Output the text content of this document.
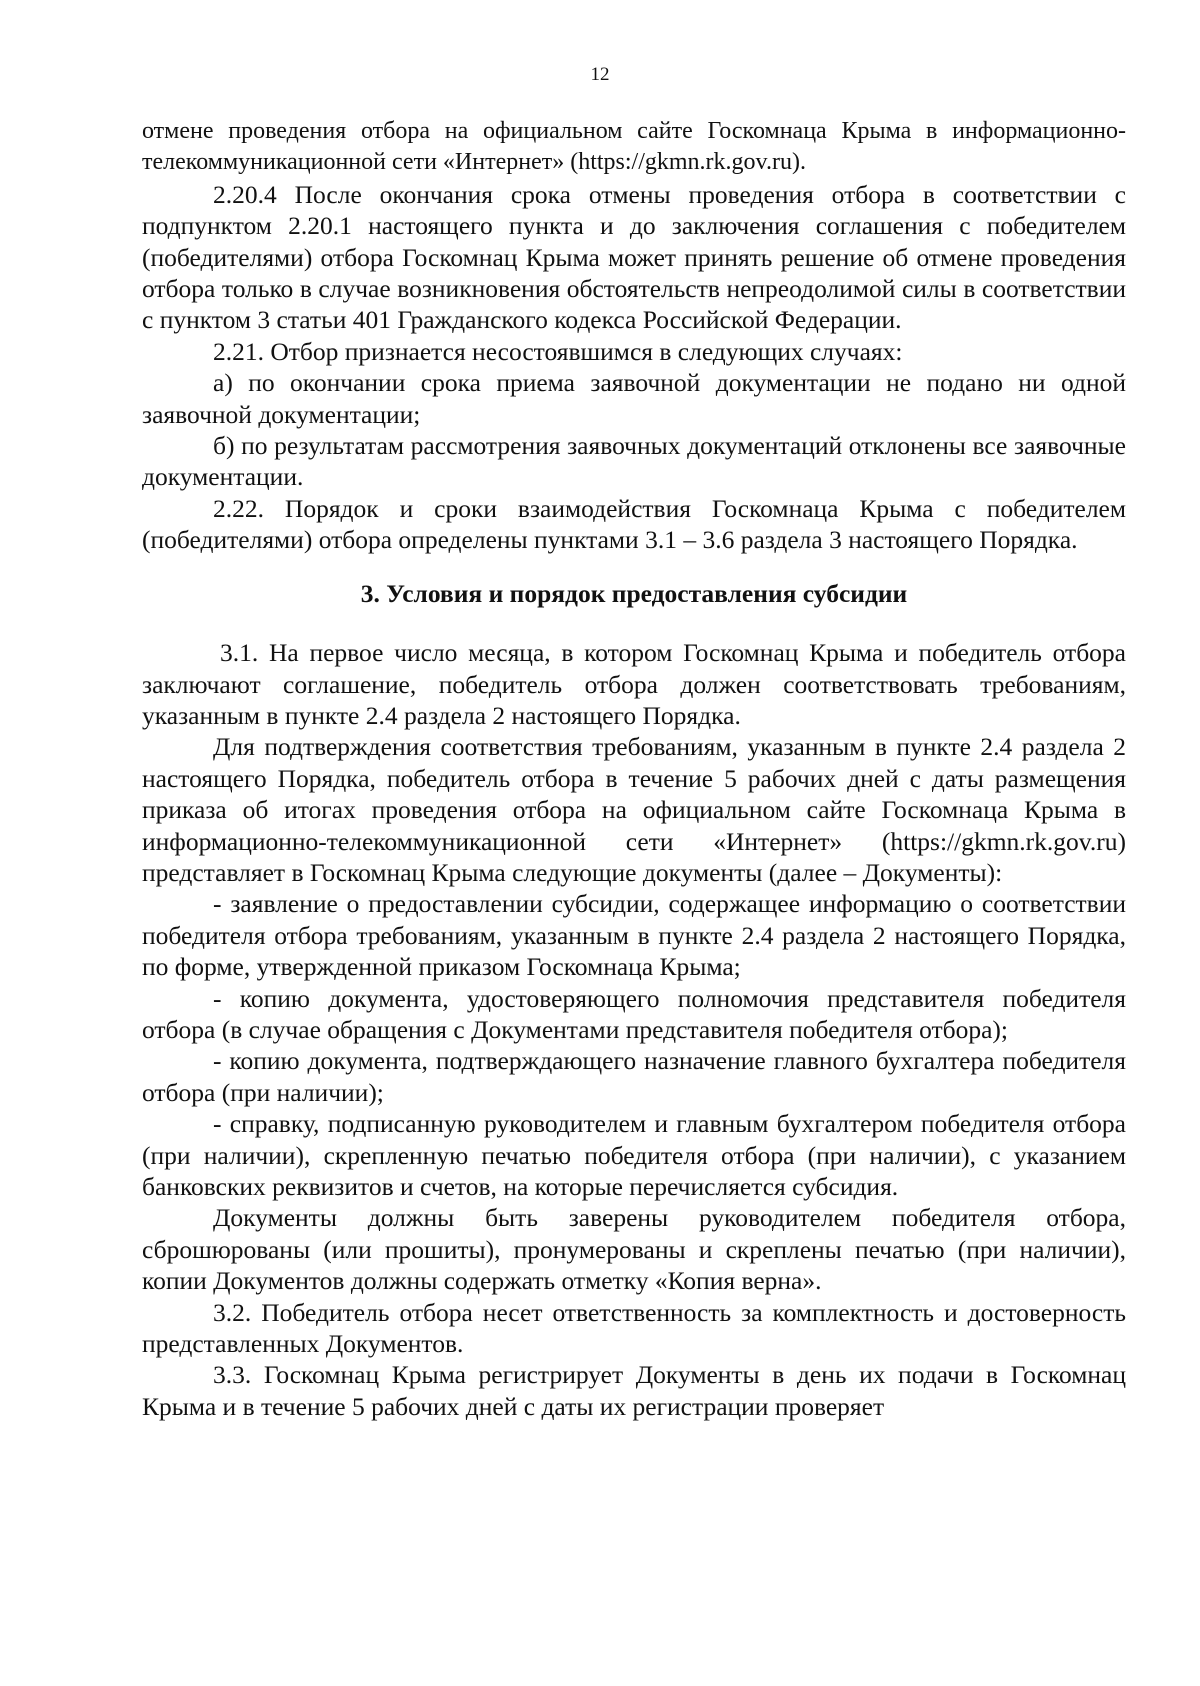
12

отмене проведения отбора на официальном сайте Госкомнаца Крыма в информационно-телекоммуникационной сети «Интернет» (https://gkmn.rk.gov.ru).

2.20.4 После окончания срока отмены проведения отбора в соответствии с подпунктом 2.20.1 настоящего пункта и до заключения соглашения с победителем (победителями) отбора Госкомнац Крыма может принять решение об отмене проведения отбора только в случае возникновения обстоятельств непреодолимой силы в соответствии с пунктом 3 статьи 401 Гражданского кодекса Российской Федерации.

2.21. Отбор признается несостоявшимся в следующих случаях:

а) по окончании срока приема заявочной документации не подано ни одной заявочной документации;

б) по результатам рассмотрения заявочных документаций отклонены все заявочные документации.

2.22. Порядок и сроки взаимодействия Госкомнаца Крыма с победителем (победителями) отбора определены пунктами 3.1 – 3.6 раздела 3 настоящего Порядка.

3. Условия и порядок предоставления субсидии

3.1. На первое число месяца, в котором Госкомнац Крыма и победитель отбора заключают соглашение, победитель отбора должен соответствовать требованиям, указанным в пункте 2.4 раздела 2 настоящего Порядка.

Для подтверждения соответствия требованиям, указанным в пункте 2.4 раздела 2 настоящего Порядка, победитель отбора в течение 5 рабочих дней с даты размещения приказа об итогах проведения отбора на официальном сайте Госкомнаца Крыма в информационно-телекоммуникационной сети «Интернет» (https://gkmn.rk.gov.ru) представляет в Госкомнац Крыма следующие документы (далее – Документы):

- заявление о предоставлении субсидии, содержащее информацию о соответствии победителя отбора требованиям, указанным в пункте 2.4 раздела 2 настоящего Порядка, по форме, утвержденной приказом Госкомнаца Крыма;

- копию документа, удостоверяющего полномочия представителя победителя отбора (в случае обращения с Документами представителя победителя отбора);

- копию документа, подтверждающего назначение главного бухгалтера победителя отбора (при наличии);

- справку, подписанную руководителем и главным бухгалтером победителя отбора (при наличии), скрепленную печатью победителя отбора (при наличии), с указанием банковских реквизитов и счетов, на которые перечисляется субсидия.

Документы должны быть заверены руководителем победителя отбора, сброшюрованы (или прошиты), пронумерованы и скреплены печатью (при наличии), копии Документов должны содержать отметку «Копия верна».

3.2. Победитель отбора несет ответственность за комплектность и достоверность представленных Документов.

3.3. Госкомнац Крыма регистрирует Документы в день их подачи в Госкомнац Крыма и в течение 5 рабочих дней с даты их регистрации проверяет
